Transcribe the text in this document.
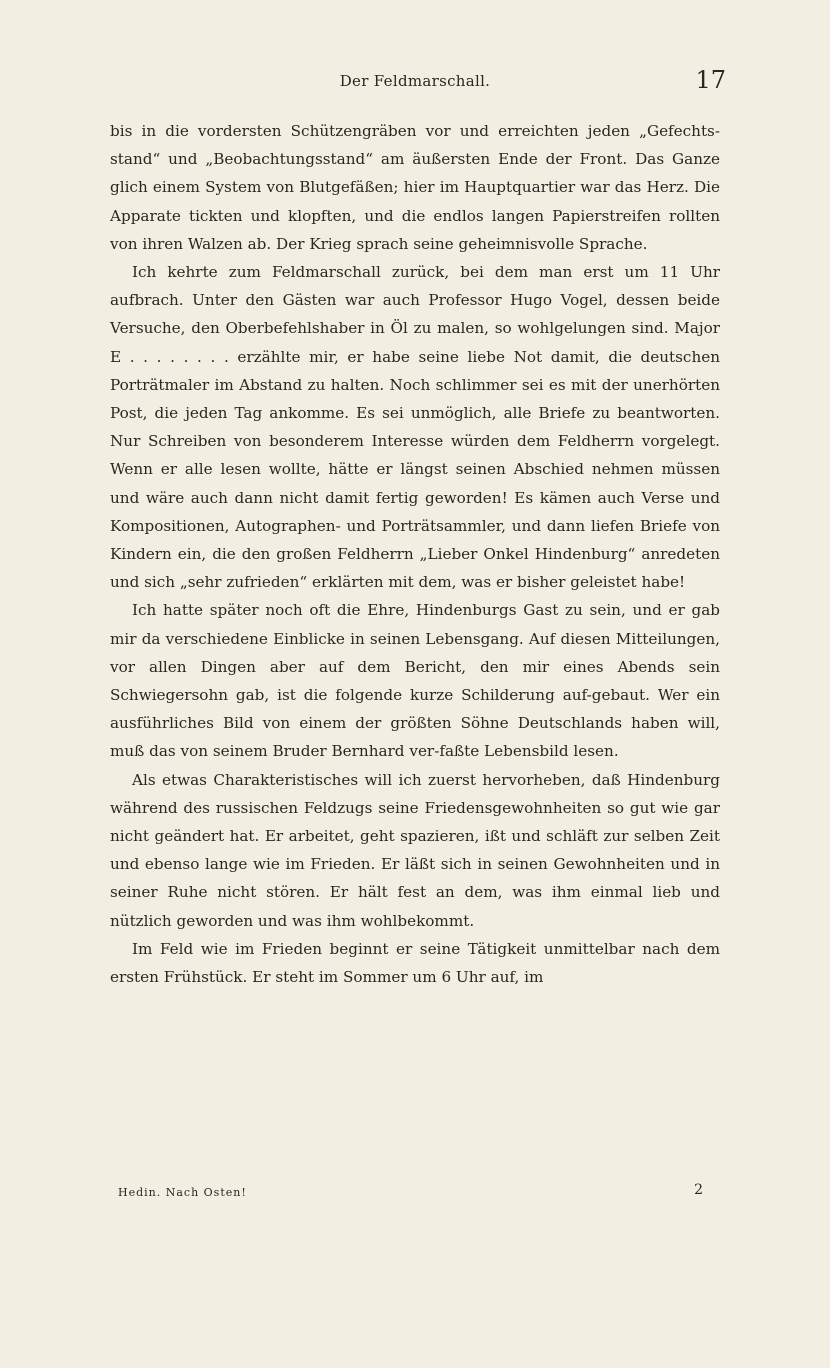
Der Feldmarschall.	17

bis in die vordersten Schützengräben vor und erreichten jeden „Gefechts-stand“ und „Beobachtungsstand“ am äußersten Ende der Front. Das Ganze glich einem System von Blutgefäßen; hier im Hauptquartier war das Herz. Die Apparate tickten und klopften, und die endlos langen Papierstreifen rollten von ihren Walzen ab. Der Krieg sprach seine geheimnisvolle Sprache.

Ich kehrte zum Feldmarschall zurück, bei dem man erst um 11 Uhr aufbrach. Unter den Gästen war auch Professor Hugo Vogel, dessen beide Versuche, den Oberbefehlshaber in Öl zu malen, so wohlgelungen sind. Major E . . . . . . . . erzählte mir, er habe seine liebe Not damit, die deutschen Porträtmaler im Abstand zu halten. Noch schlimmer sei es mit der unerhörten Post, die jeden Tag ankomme. Es sei unmöglich, alle Briefe zu beantworten. Nur Schreiben von besonderem Interesse würden dem Feldherrn vorgelegt. Wenn er alle lesen wollte, hätte er längst seinen Abschied nehmen müssen und wäre auch dann nicht damit fertig geworden! Es kämen auch Verse und Kompositionen, Autographen- und Porträtsammler, und dann liefen Briefe von Kindern ein, die den großen Feldherrn „Lieber Onkel Hindenburg“ anredeten und sich „sehr zufrieden“ erklärten mit dem, was er bisher geleistet habe!

Ich hatte später noch oft die Ehre, Hindenburgs Gast zu sein, und er gab mir da verschiedene Einblicke in seinen Lebensgang. Auf diesen Mitteilungen, vor allen Dingen aber auf dem Bericht, den mir eines Abends sein Schwiegersohn gab, ist die folgende kurze Schilderung auf-gebaut. Wer ein ausführliches Bild von einem der größten Söhne Deutschlands haben will, muß das von seinem Bruder Bernhard ver-faßte Lebensbild lesen.

Als etwas Charakteristisches will ich zuerst hervorheben, daß Hindenburg während des russischen Feldzugs seine Friedensgewohnheiten so gut wie gar nicht geändert hat. Er arbeitet, geht spazieren, ißt und schläft zur selben Zeit und ebenso lange wie im Frieden. Er läßt sich in seinen Gewohnheiten und in seiner Ruhe nicht stören. Er hält fest an dem, was ihm einmal lieb und nützlich geworden und was ihm wohlbekommt.

Im Feld wie im Frieden beginnt er seine Tätigkeit unmittelbar nach dem ersten Frühstück. Er steht im Sommer um 6 Uhr auf, im

Hedin. Nach Osten!	2
